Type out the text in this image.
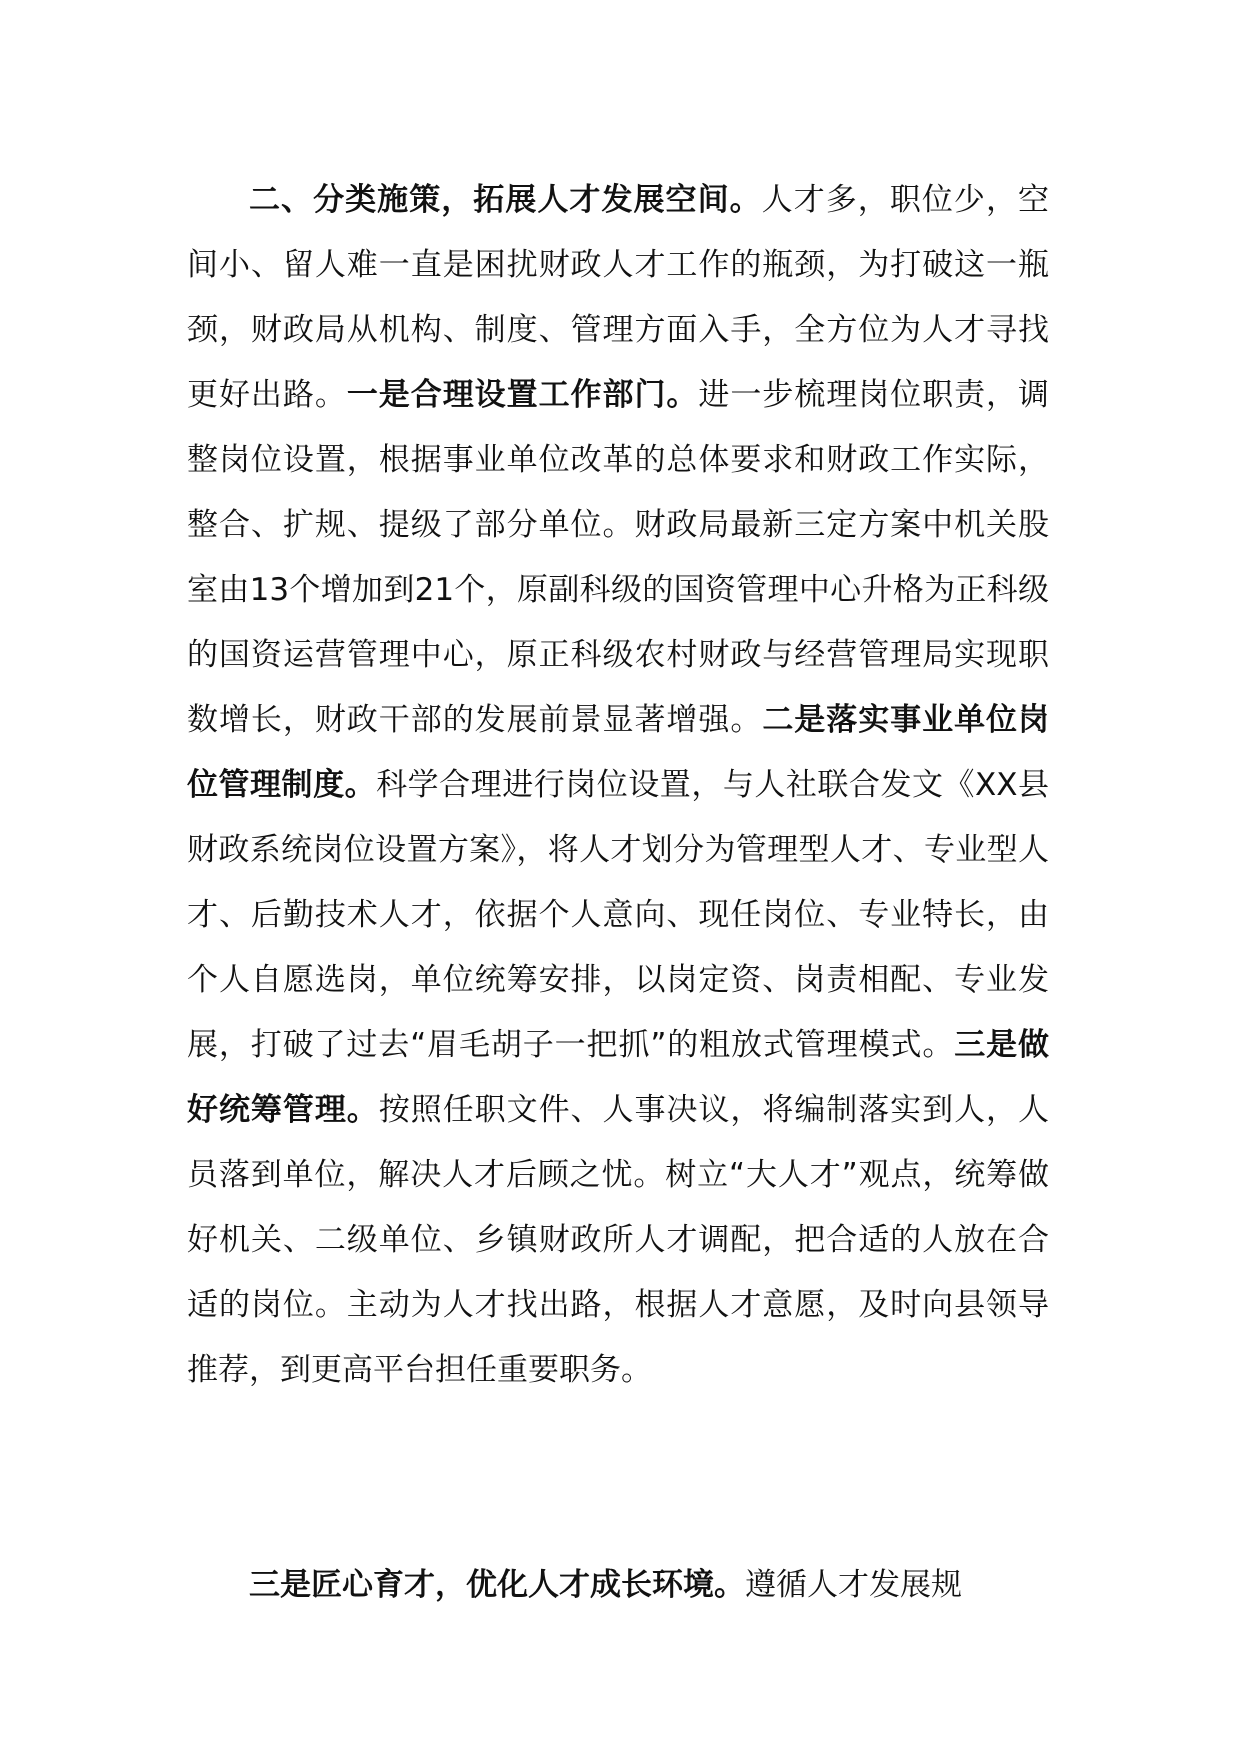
二、分类施策，拓展人才发展空间。人才多，职位少，空间小、留人难一直是困扰财政人才工作的瓶颈，为打破这一瓶颈，财政局从机构、制度、管理方面入手，全方位为人才寻找更好出路。一是合理设置工作部门。进一步梳理岗位职责，调整岗位设置，根据事业单位改革的总体要求和财政工作实际，整合、扩规、提级了部分单位。财政局最新三定方案中机关股室由13个增加到21个，原副科级的国资管理中心升格为正科级的国资运营管理中心，原正科级农村财政与经营管理局实现职数增长，财政干部的发展前景显著增强。二是落实事业单位岗位管理制度。科学合理进行岗位设置，与人社联合发文《XX县财政系统岗位设置方案》，将人才划分为管理型人才、专业型人才、后勤技术人才，依据个人意向、现任岗位、专业特长，由个人自愿选岗，单位统筹安排，以岗定资、岗责相配、专业发展，打破了过去“眉毛胡子一把抓”的粗放式管理模式。三是做好统筹管理。按照任职文件、人事决议，将编制落实到人，人员落到单位，解决人才后顾之忧。树立“大人才”观点，统筹做好机关、二级单位、乡镇财政所人才调配，把合适的人放在合适的岗位。主动为人才找出路，根据人才意愿，及时向县领导推荐，到更高平台担任重要职务。

三是匠心育才，优化人才成长环境。遵循人才发展规
